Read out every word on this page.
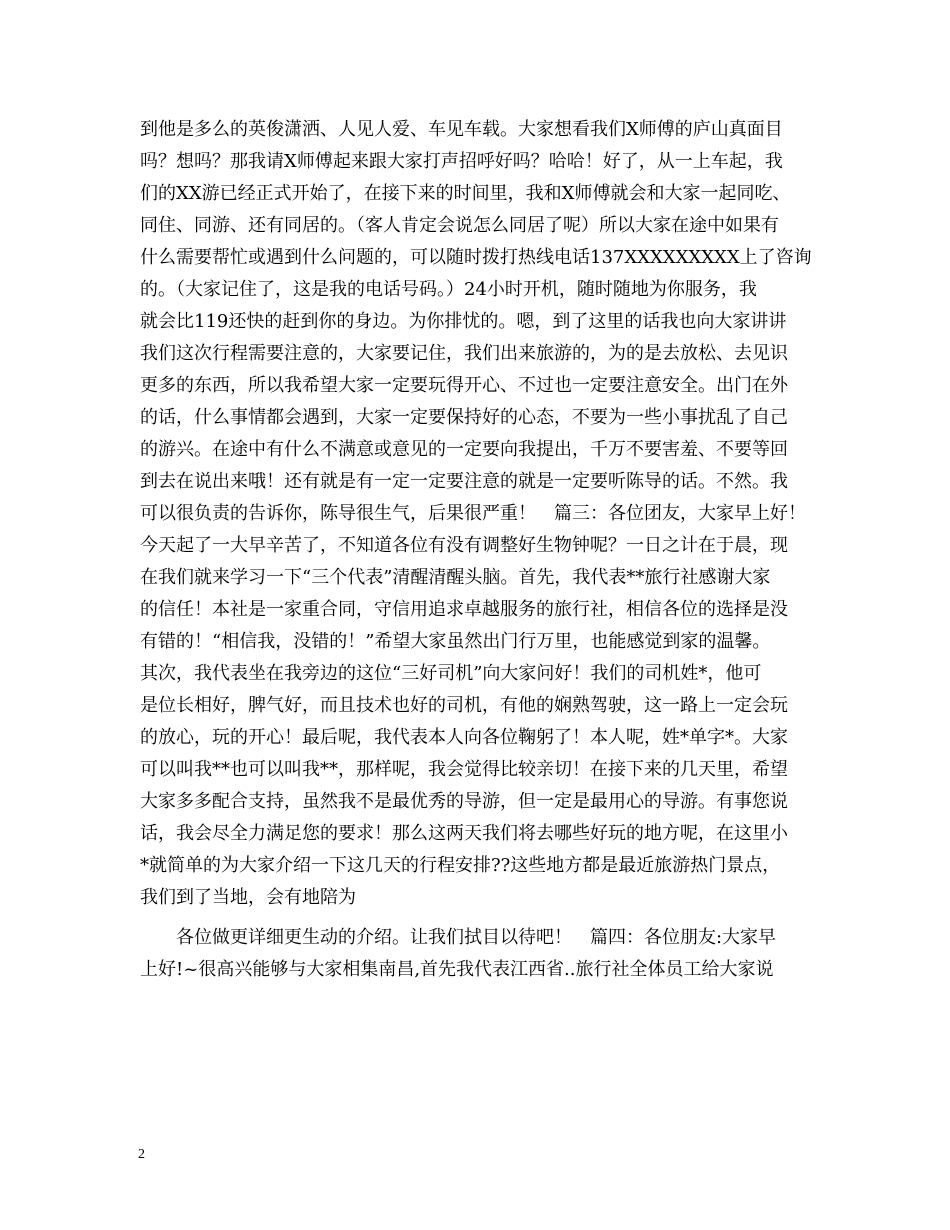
到他是多么的英俊潇洒、人见人爱、车见车载。大家想看我们X师傅的庐山真面目
吗？想吗？那我请X师傅起来跟大家打声招呼好吗？哈哈！好了，从一上车起，我
们的XX游已经正式开始了，在接下来的时间里，我和X师傅就会和大家一起同吃、
同住、同游、还有同居的。（客人肯定会说怎么同居了呢）所以大家在途中如果有
什么需要帮忙或遇到什么问题的，可以随时拨打热线电话137XXXXXXXXX上了咨询
的。（大家记住了，这是我的电话号码。）24小时开机，随时随地为你服务，我
就会比119还快的赶到你的身边。为你排忧的。嗯，到了这里的话我也向大家讲讲
我们这次行程需要注意的，大家要记住，我们出来旅游的，为的是去放松、去见识
更多的东西，所以我希望大家一定要玩得开心、不过也一定要注意安全。出门在外
的话，什么事情都会遇到，大家一定要保持好的心态，不要为一些小事扰乱了自己
的游兴。在途中有什么不满意或意见的一定要向我提出，千万不要害羞、不要等回
到去在说出来哦！还有就是有一定一定要注意的就是一定要听陈导的话。不然。我
可以很负责的告诉你，陈导很生气，后果很严重！　篇三：各位团友，大家早上好！
今天起了一大早辛苦了，不知道各位有没有调整好生物钟呢？一日之计在于晨，现
在我们就来学习一下“三个代表”清醒清醒头脑。首先，我代表**旅行社感谢大家
的信任！本社是一家重合同，守信用追求卓越服务的旅行社，相信各位的选择是没
有错的！“相信我，没错的！”希望大家虽然出门行万里，也能感觉到家的温馨。
其次，我代表坐在我旁边的这位“三好司机”向大家问好！我们的司机姓*，他可
是位长相好，脾气好，而且技术也好的司机，有他的娴熟驾驶，这一路上一定会玩
的放心，玩的开心！最后呢，我代表本人向各位鞠躬了！本人呢，姓*单字*。大家
可以叫我**也可以叫我**，那样呢，我会觉得比较亲切！在接下来的几天里，希望
大家多多配合支持，虽然我不是最优秀的导游，但一定是最用心的导游。有事您说
话，我会尽全力满足您的要求！那么这两天我们将去哪些好玩的地方呢，在这里小
*就简单的为大家介绍一下这几天的行程安排??这些地方都是最近旅游热门景点，
我们到了当地，会有地陪为
各位做更详细更生动的介绍。让我们拭目以待吧！　篇四：各位朋友:大家早
上好!~很高兴能够与大家相集南昌,首先我代表江西省..旅行社全体员工给大家说
2
